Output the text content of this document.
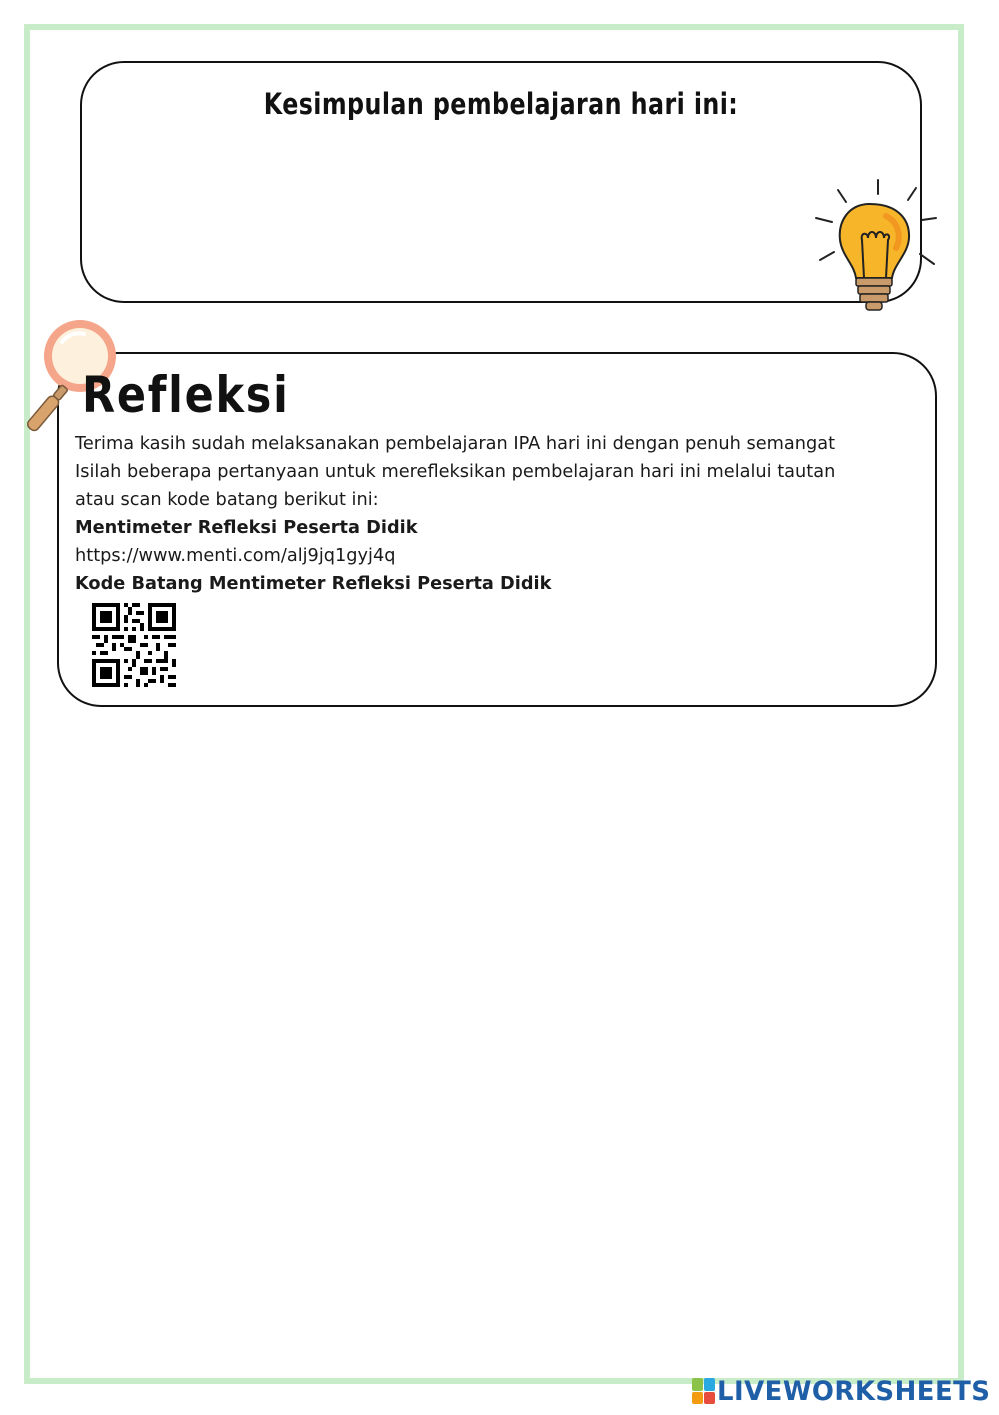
Kesimpulan pembelajaran hari ini:
Refleksi
Terima kasih sudah melaksanakan pembelajaran IPA hari ini dengan penuh semangat
Isilah beberapa pertanyaan untuk merefleksikan pembelajaran hari ini melalui tautan
atau scan kode batang berikut ini:
Mentimeter Refleksi Peserta Didik
https://www.menti.com/alj9jq1gyj4q
Kode Batang Mentimeter Refleksi Peserta Didik
LIVEWORKSHEETS
